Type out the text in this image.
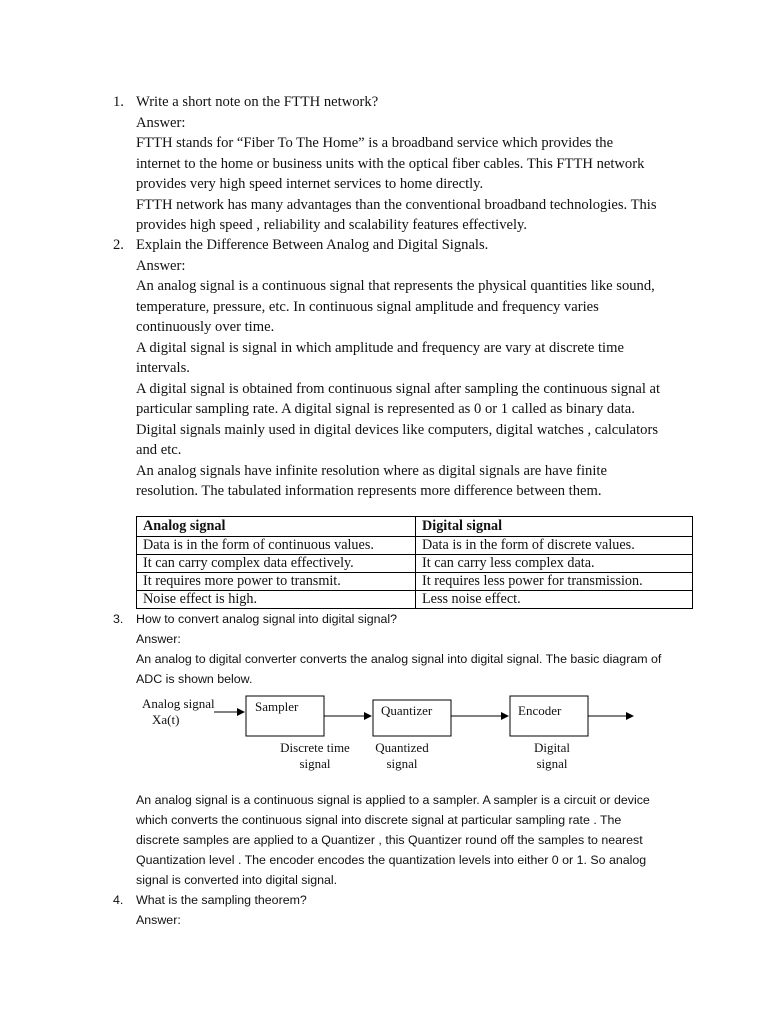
1. Write a short note on the FTTH network?
Answer:
FTTH stands for “Fiber To The Home” is a broadband service which provides the
internet to the home or business units with the optical fiber cables. This FTTH network
provides very high speed internet services to home directly.
FTTH network has many advantages than the conventional broadband technologies. This
provides high speed , reliability and scalability features effectively.
2. Explain the Difference Between Analog and Digital Signals.
Answer:
An analog signal is a continuous signal that represents the physical quantities like sound,
temperature, pressure, etc. In continuous signal amplitude and frequency varies
continuously over time.
A digital signal is signal in which amplitude and frequency are vary at discrete time
intervals.
A digital signal is obtained from continuous signal after sampling the continuous signal at
particular sampling rate. A digital signal is represented as 0 or 1 called as binary data.
Digital signals mainly used in digital devices like computers, digital watches , calculators
and etc.
An analog signals have infinite resolution where as digital signals are have finite
resolution. The tabulated information represents more difference between them.
Analog signal	Digital signal
Data is in the form of continuous values.	Data is in the form of discrete values.
It can carry complex data effectively.	It can carry less complex data.
It requires more power to transmit.	It requires less power for transmission.
Noise effect is high.	Less noise effect.
3.	How to convert analog signal into digital signal?
Answer:
An analog to digital converter converts the analog signal into digital signal. The basic diagram of
ADC is shown below.
Analog signal
Xa(t)
Sampler	Quantizer	Encoder
Discrete time
signal
Quantized
signal
Digital
signal
An analog signal is a continuous signal is applied to a sampler. A sampler is a circuit or device
which converts the continuous signal into discrete signal at particular sampling rate . The
discrete samples are applied to a Quantizer , this Quantizer round off the samples to nearest
Quantization level . The encoder encodes the quantization levels into either 0 or 1. So analog
signal is converted into digital signal.
4.	What is the sampling theorem?
Answer:
